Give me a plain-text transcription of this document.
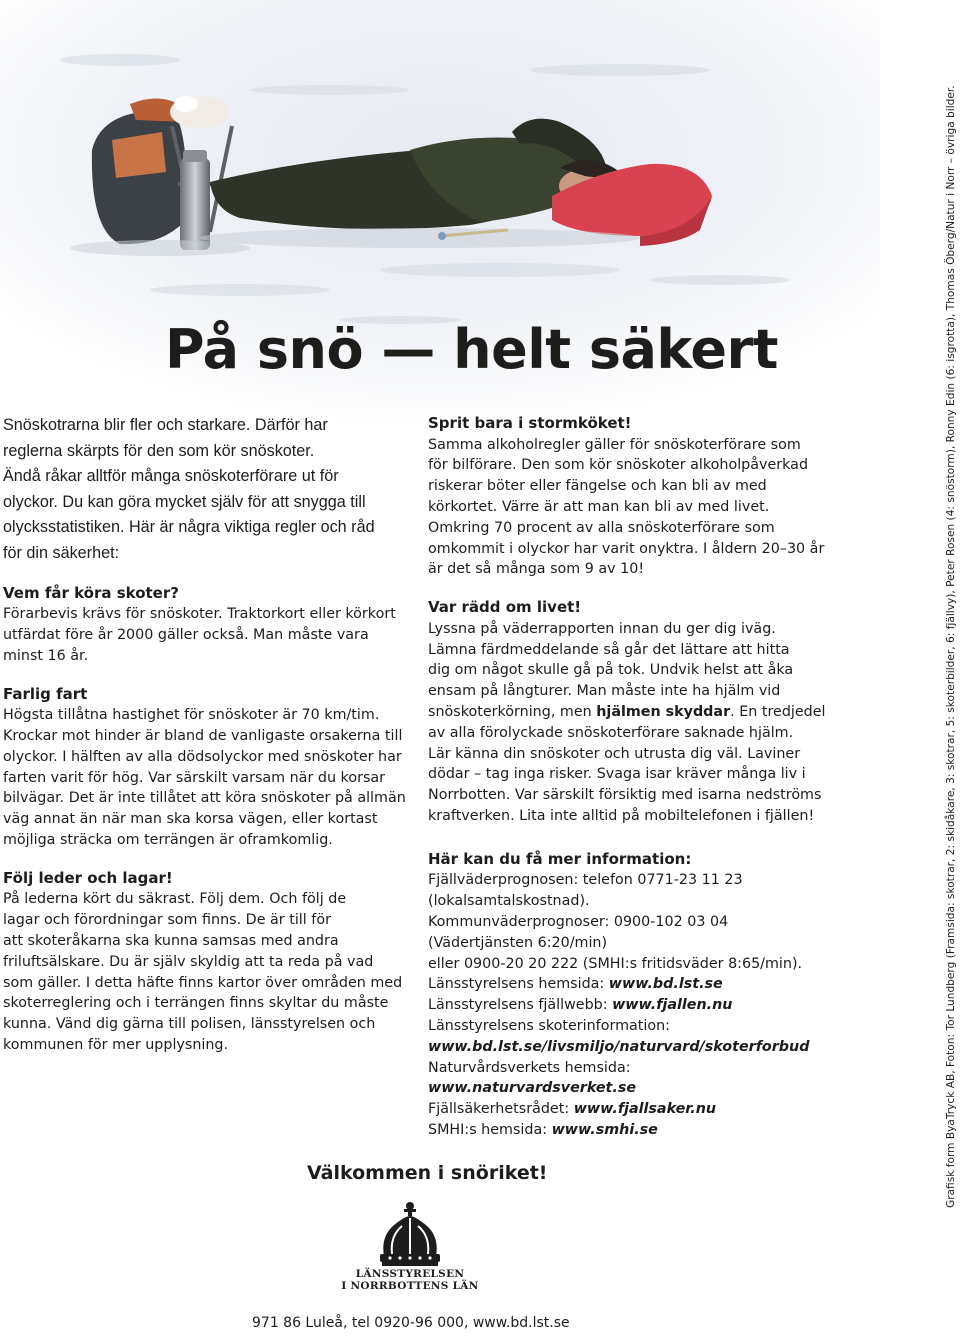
På snö — helt säkert

Snöskotrarna blir fler och starkare. Därför har

reglerna skärpts för den som kör snöskoter.

Ändå råkar alltför många snöskoterförare ut för

olyckor. Du kan göra mycket själv för att snygga till

olycksstatistiken. Här är några viktiga regler och råd

för din säkerhet:

Vem får köra skoter?

Förarbevis krävs för snöskoter. Traktorkort eller körkort
utfärdat före år 2000 gäller också. Man måste vara
minst 16 år.

Farlig fart

Högsta tillåtna hastighet för snöskoter är 70 km/tim.
Krockar mot hinder är bland de vanligaste orsakerna till
olyckor. I hälften av alla dödsolyckor med snöskoter har
farten varit för hög. Var särskilt varsam när du korsar
bilvägar. Det är inte tillåtet att köra snöskoter på allmän
väg annat än när man ska korsa vägen, eller kortast
möjliga sträcka om terrängen är oframkomlig.

Följ leder och lagar!

På lederna kört du säkrast. Följ dem. Och följ de
lagar och förordningar som finns. De är till för
att skoteråkarna ska kunna samsas med andra
friluftsälskare. Du är själv skyldig att ta reda på vad
som gäller. I detta häfte finns kartor över områden med
skoterreglering och i terrängen finns skyltar du måste
kunna. Vänd dig gärna till polisen, länsstyrelsen och
kommunen för mer upplysning.

Sprit bara i stormköket!

Samma alkoholregler gäller för snöskoterförare som
för bilförare. Den som kör snöskoter alkoholpåverkad
riskerar böter eller fängelse och kan bli av med
körkortet. Värre är att man kan bli av med livet.
Omkring 70 procent av alla snöskoterförare som
omkommit i olyckor har varit onyktra. I åldern 20–30 år
är det så många som 9 av 10!

Var rädd om livet!

Lyssna på väderrapporten innan du ger dig iväg.
Lämna färdmeddelande så går det lättare att hitta
dig om något skulle gå på tok. Undvik helst att åka
ensam på långturer. Man måste inte ha hjälm vid
snöskoterkörning, men hjälmen skyddar. En tredjedel
av alla förolyckade snöskoterförare saknade hjälm.
Lär känna din snöskoter och utrusta dig väl. Laviner
dödar – tag inga risker. Svaga isar kräver många liv i
Norrbotten. Var särskilt försiktig med isarna nedströms
kraftverken. Lita inte alltid på mobiltelefonen i fjällen!

Här kan du få mer information:

Fjällväderprognosen: telefon 0771-23 11 23
(lokalsamtalskostnad).
Kommunväderprognoser: 0900-102 03 04
(Vädertjänsten 6:20/min)
eller 0900-20 20 222 (SMHI:s fritidsväder 8:65/min).
Länsstyrelsens hemsida: www.bd.lst.se
Länsstyrelsens fjällwebb: www.fjallen.nu
Länsstyrelsens skoterinformation:
www.bd.lst.se/livsmiljo/naturvard/skoterforbud
Naturvårdsverkets hemsida:
www.naturvardsverket.se
Fjällsäkerhetsrådet: www.fjallsaker.nu
SMHI:s hemsida: www.smhi.se

Välkommen i snöriket!

LÄNSSTYRELSEN
I NORRBOTTENS LÄN

971 86 Luleå, tel 0920-96 000, www.bd.lst.se

Grafisk form ByaTryck AB, Foton: Tor Lundberg (Framsida: skotrar, 2: skidåkare, 3: skotrar, 5: skoterbilder, 6: fjällvy), Peter Rosen (4: snöstorm), Ronny Edin (6: isgrotta), Thomas Öberg/Natur i Norr – övriga bilder.
